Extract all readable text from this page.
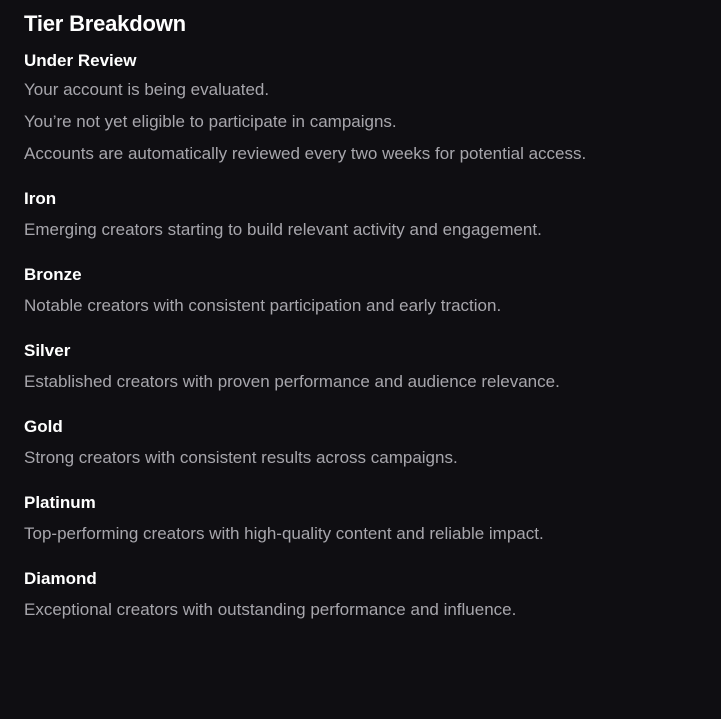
Tier Breakdown
Under Review

Your account is being evaluated.

You’re not yet eligible to participate in campaigns.

Accounts are automatically reviewed every two weeks for potential access.

Iron

Emerging creators starting to build relevant activity and engagement.

Bronze

Notable creators with consistent participation and early traction.

Silver

Established creators with proven performance and audience relevance.

Gold

Strong creators with consistent results across campaigns.

Platinum

Top-performing creators with high-quality content and reliable impact.

Diamond

Exceptional creators with outstanding performance and influence.
